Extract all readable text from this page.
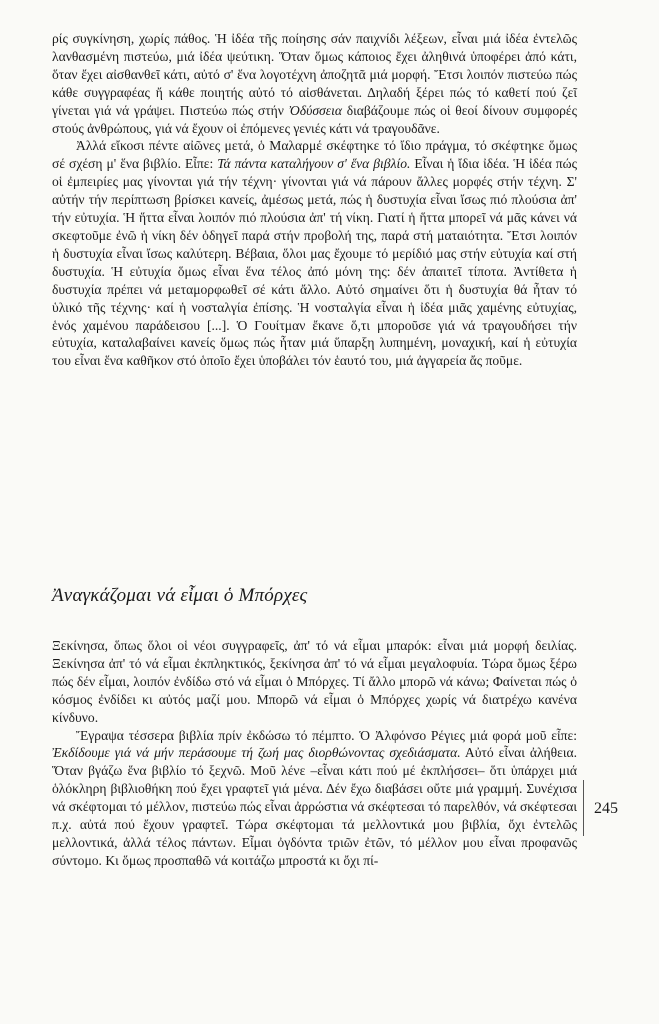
ρίς συγκίνηση, χωρίς πάθος. Ἡ ἰδέα τῆς ποίησης σάν παιχνίδι λέξεων, εἶναι μιά ἰδέα ἐντελῶς λανθασμένη πιστεύω, μιά ἰδέα ψεύτικη. Ὅταν ὅμως κάποιος ἔχει ἀληθινά ὑποφέρει ἀπό κάτι, ὅταν ἔχει αἰσθανθεῖ κάτι, αὐτό σ' ἕνα λογοτέχνη ἀποζητᾶ μιά μορφή. Ἔτσι λοιπόν πιστεύω πώς κάθε συγγραφέας ἤ κάθε ποιητής αὐτό τό αἰσθάνεται. Δηλαδή ξέρει πώς τό καθετί πού ζεῖ γίνεται γιά νά γράψει. Πιστεύω πώς στήν Ὀδύσσεια διαβάζουμε πώς οἱ θεοί δίνουν συμφορές στούς ἀνθρώπους, γιά νά ἔχουν οἱ ἐπόμενες γενιές κάτι νά τραγουδᾶνε.

Ἀλλά εἴκοσι πέντε αἰῶνες μετά, ὁ Μαλαρμέ σκέφτηκε τό ἴδιο πράγμα, τό σκέφτηκε ὅμως σέ σχέση μ' ἕνα βιβλίο. Εἶπε: Τά πάντα καταλήγουν σ' ἕνα βιβλίο. Εἶναι ἡ ἴδια ἰδέα. Ἡ ἰδέα πώς οἱ ἐμπειρίες μας γίνονται γιά τήν τέχνη· γίνονται γιά νά πάρουν ἄλλες μορφές στήν τέχνη. Σ' αὐτήν τήν περίπτωση βρίσκει κανείς, ἀμέσως μετά, πώς ἡ δυστυχία εἶναι ἴσως πιό πλούσια ἀπ' τήν εὐτυχία. Ἡ ἥττα εἶναι λοιπόν πιό πλούσια ἀπ' τή νίκη. Γιατί ἡ ἥττα μπορεῖ νά μᾶς κάνει νά σκεφτοῦμε ἐνῶ ἡ νίκη δέν ὁδηγεῖ παρά στήν προβολή της, παρά στή ματαιότητα. Ἔτσι λοιπόν ἡ δυστυχία εἶναι ἴσως καλύτερη. Βέβαια, ὅλοι μας ἔχουμε τό μερίδιό μας στήν εὐτυχία καί στή δυστυχία. Ἡ εὐτυχία ὅμως εἶναι ἕνα τέλος ἀπό μόνη της: δέν ἀπαιτεῖ τίποτα. Ἀντίθετα ἡ δυστυχία πρέπει νά μεταμορφωθεῖ σέ κάτι ἄλλο. Αὐτό σημαίνει ὅτι ἡ δυστυχία θά ἦταν τό ὑλικό τῆς τέχνης· καί ἡ νοσταλγία ἐπίσης. Ἡ νοσταλγία εἶναι ἡ ἰδέα μιᾶς χαμένης εὐτυχίας, ἑνός χαμένου παράδεισου [...]. Ὁ Γουίτμαν ἔκανε ὅ,τι μποροῦσε γιά νά τραγουδήσει τήν εὐτυχία, καταλαβαίνει κανείς ὅμως πώς ἦταν μιά ὕπαρξη λυπημένη, μοναχική, καί ἡ εὐτυχία του εἶναι ἕνα καθῆκον στό ὁποῖο ἔχει ὑποβάλει τόν ἑαυτό του, μιά ἀγγαρεία ἄς ποῦμε.

Ἀναγκάζομαι νά εἶμαι ὁ Μπόρχες

Ξεκίνησα, ὅπως ὅλοι οἱ νέοι συγγραφεῖς, ἀπ' τό νά εἶμαι μπαρόκ: εἶναι μιά μορφή δειλίας. Ξεκίνησα ἀπ' τό νά εἶμαι ἐκπληκτικός, ξεκίνησα ἀπ' τό νά εἶμαι μεγαλοφυία. Τώρα ὅμως ξέρω πώς δέν εἶμαι, λοιπόν ἐνδίδω στό νά εἶμαι ὁ Μπόρχες. Τί ἄλλο μπορῶ νά κάνω; Φαίνεται πώς ὁ κόσμος ἐνδίδει κι αὐτός μαζί μου. Μπορῶ νά εἶμαι ὁ Μπόρχες χωρίς νά διατρέχω κανένα κίνδυνο.

Ἔγραψα τέσσερα βιβλία πρίν ἐκδώσω τό πέμπτο. Ὁ Ἀλφόνσο Ρέγιες μιά φορά μοῦ εἶπε: Ἐκδίδουμε γιά νά μήν περάσουμε τή ζωή μας διορθώνοντας σχεδιάσματα. Αὐτό εἶναι ἀλήθεια. Ὅταν βγάζω ἕνα βιβλίο τό ξεχνῶ. Μοῦ λένε –εἶναι κάτι πού μέ ἐκπλήσσει– ὅτι ὑπάρχει μιά ὁλόκληρη βιβλιοθήκη πού ἔχει γραφτεῖ γιά μένα. Δέν ἔχω διαβάσει οὔτε μιά γραμμή. Συνέχισα νά σκέφτομαι τό μέλλον, πιστεύω πώς εἶναι ἀρρώστια νά σκέφτεσαι τό παρελθόν, νά σκέφτεσαι π.χ. αὐτά πού ἔχουν γραφτεῖ. Τώρα σκέφτομαι τά μελλοντικά μου βιβλία, ὄχι ἐντελῶς μελλοντικά, ἀλλά τέλος πάντων. Εἶμαι ὀγδόντα τριῶν ἐτῶν, τό μέλλον μου εἶναι προφανῶς σύντομο. Κι ὅμως προσπαθῶ νά κοιτάζω μπροστά κι ὄχι πί-

245
